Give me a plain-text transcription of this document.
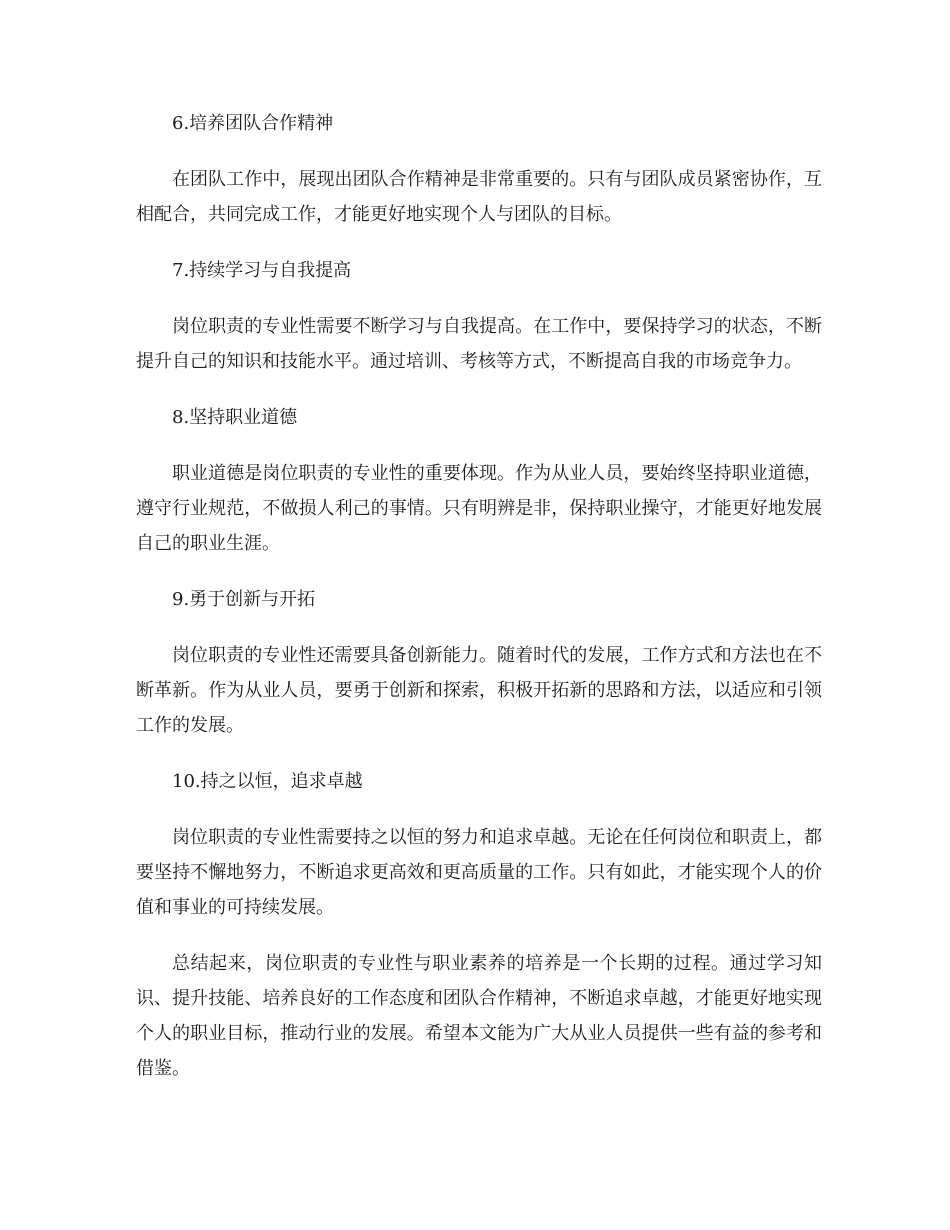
6.培养团队合作精神

在团队工作中，展现出团队合作精神是非常重要的。只有与团队成员紧密协作，互相配合，共同完成工作，才能更好地实现个人与团队的目标。

7.持续学习与自我提高

岗位职责的专业性需要不断学习与自我提高。在工作中，要保持学习的状态，不断提升自己的知识和技能水平。通过培训、考核等方式，不断提高自我的市场竞争力。

8.坚持职业道德

职业道德是岗位职责的专业性的重要体现。作为从业人员，要始终坚持职业道德，遵守行业规范，不做损人利己的事情。只有明辨是非，保持职业操守，才能更好地发展自己的职业生涯。

9.勇于创新与开拓

岗位职责的专业性还需要具备创新能力。随着时代的发展，工作方式和方法也在不断革新。作为从业人员，要勇于创新和探索，积极开拓新的思路和方法，以适应和引领工作的发展。

10.持之以恒，追求卓越

岗位职责的专业性需要持之以恒的努力和追求卓越。无论在任何岗位和职责上，都要坚持不懈地努力，不断追求更高效和更高质量的工作。只有如此，才能实现个人的价值和事业的可持续发展。

总结起来，岗位职责的专业性与职业素养的培养是一个长期的过程。通过学习知识、提升技能、培养良好的工作态度和团队合作精神，不断追求卓越，才能更好地实现个人的职业目标，推动行业的发展。希望本文能为广大从业人员提供一些有益的参考和借鉴。
